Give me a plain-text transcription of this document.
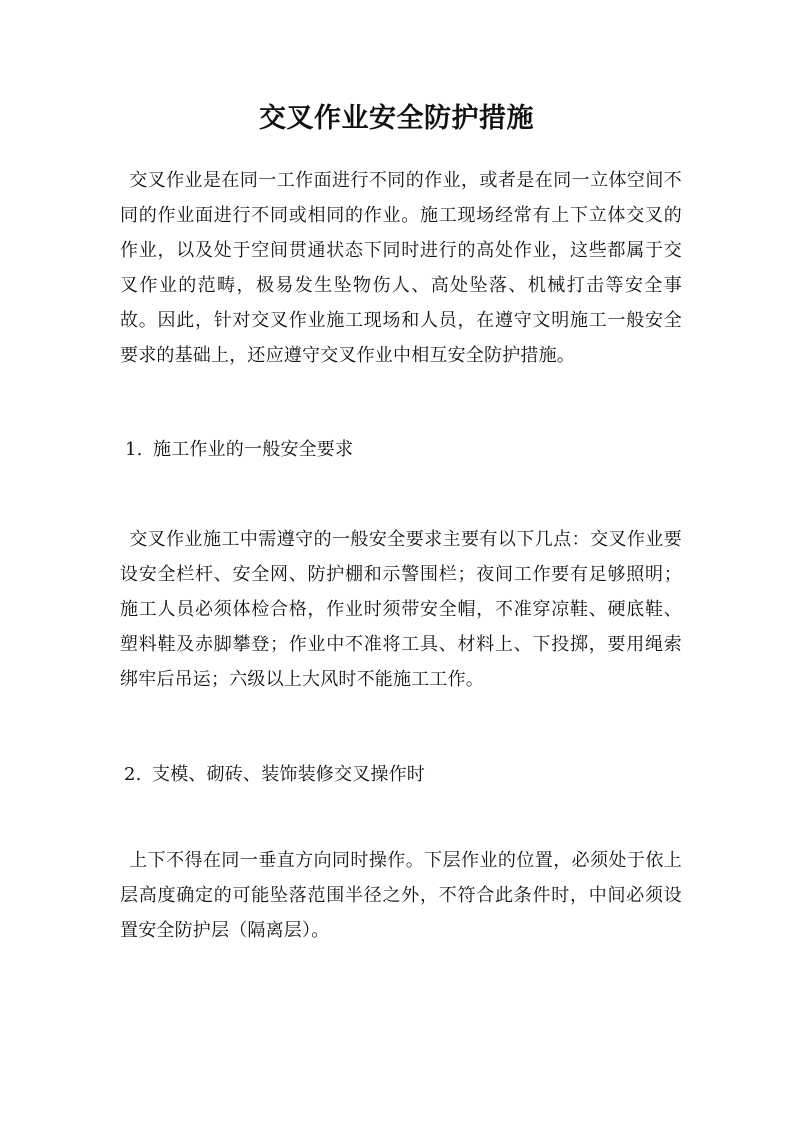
交叉作业安全防护措施

交叉作业是在同一工作面进行不同的作业，或者是在同一立体空间不同的作业面进行不同或相同的作业。施工现场经常有上下立体交叉的作业，以及处于空间贯通状态下同时进行的高处作业，这些都属于交叉作业的范畴，极易发生坠物伤人、高处坠落、机械打击等安全事故。因此，针对交叉作业施工现场和人员，在遵守文明施工一般安全要求的基础上，还应遵守交叉作业中相互安全防护措施。

1. 施工作业的一般安全要求

交叉作业施工中需遵守的一般安全要求主要有以下几点：交叉作业要设安全栏杆、安全网、防护棚和示警围栏；夜间工作要有足够照明；施工人员必须体检合格，作业时须带安全帽，不准穿凉鞋、硬底鞋、塑料鞋及赤脚攀登；作业中不准将工具、材料上、下投掷，要用绳索绑牢后吊运；六级以上大风时不能施工工作。

2. 支模、砌砖、装饰装修交叉操作时

上下不得在同一垂直方向同时操作。下层作业的位置，必须处于依上层高度确定的可能坠落范围半径之外，不符合此条件时，中间必须设置安全防护层（隔离层）。
